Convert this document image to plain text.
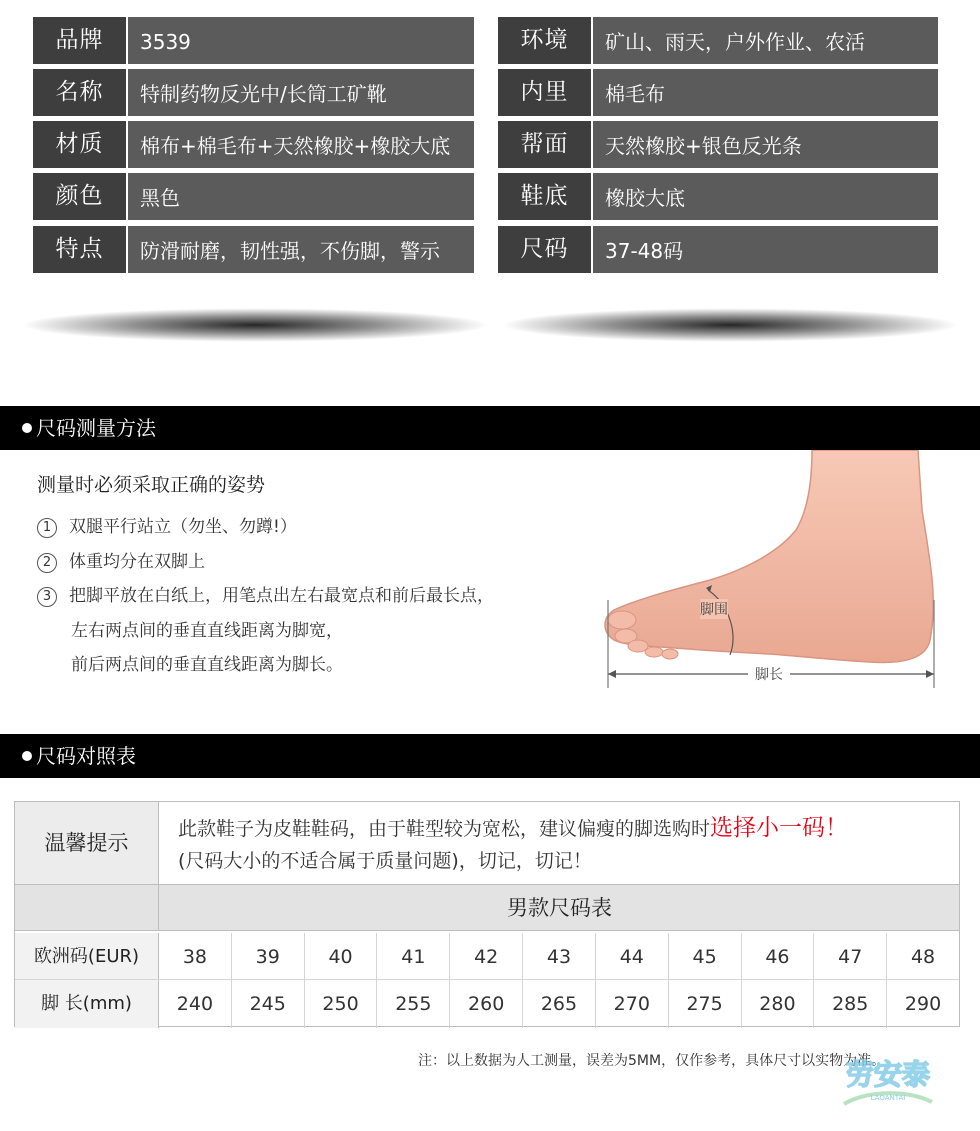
品牌	3539
名称	特制药物反光中/长筒工矿靴
材质	棉布+棉毛布+天然橡胶+橡胶大底
颜色	黑色
特点	防滑耐磨，韧性强，不伤脚，警示
环境	矿山、雨天，户外作业、农活
内里	棉毛布
帮面	天然橡胶+银色反光条
鞋底	橡胶大底
尺码	37-48码
尺码测量方法
测量时必须采取正确的姿势
1 双腿平行站立（勿坐、勿蹲!）
2 体重均分在双脚上
3 把脚平放在白纸上，用笔点出左右最宽点和前后最长点，
左右两点间的垂直直线距离为脚宽，
前后两点间的垂直直线距离为脚长。
脚围
脚长
尺码对照表
温馨提示
此款鞋子为皮鞋鞋码，由于鞋型较为宽松，建议偏瘦的脚选购时选择小一码！
(尺码大小的不适合属于质量问题)，切记，切记！
男款尺码表
欧洲码(EUR)	38	39	40	41	42	43	44	45	46	47	48
脚 长(mm)	240	245	250	255	260	265	270	275	280	285	290
注：以上数据为人工测量，误差为5MM，仅作参考，具体尺寸以实物为准。
劳安泰
LAOANTAI
